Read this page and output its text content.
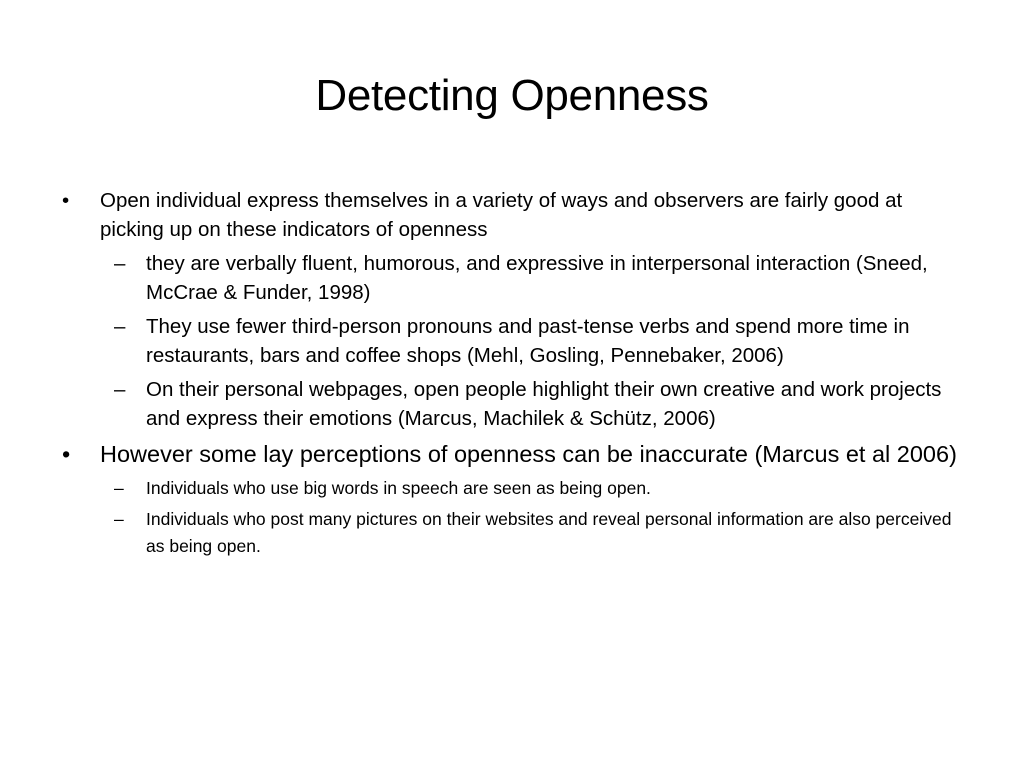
Detecting Openness
•	Open individual express themselves in a variety of ways and observers are fairly good at picking up on these indicators of openness
– they are verbally fluent, humorous, and expressive in interpersonal interaction (Sneed, McCrae & Funder, 1998)
– They use fewer third-person pronouns and past-tense verbs and spend more time in restaurants, bars and coffee shops (Mehl, Gosling, Pennebaker, 2006)
– On their personal webpages, open people highlight their own creative and work projects and express their emotions (Marcus, Machilek & Schütz, 2006)
•	However some lay perceptions of openness can be inaccurate (Marcus et al 2006)
– Individuals who use big words in speech are seen as being open.
– Individuals who post many pictures on their websites and reveal personal information are also perceived as being open.
